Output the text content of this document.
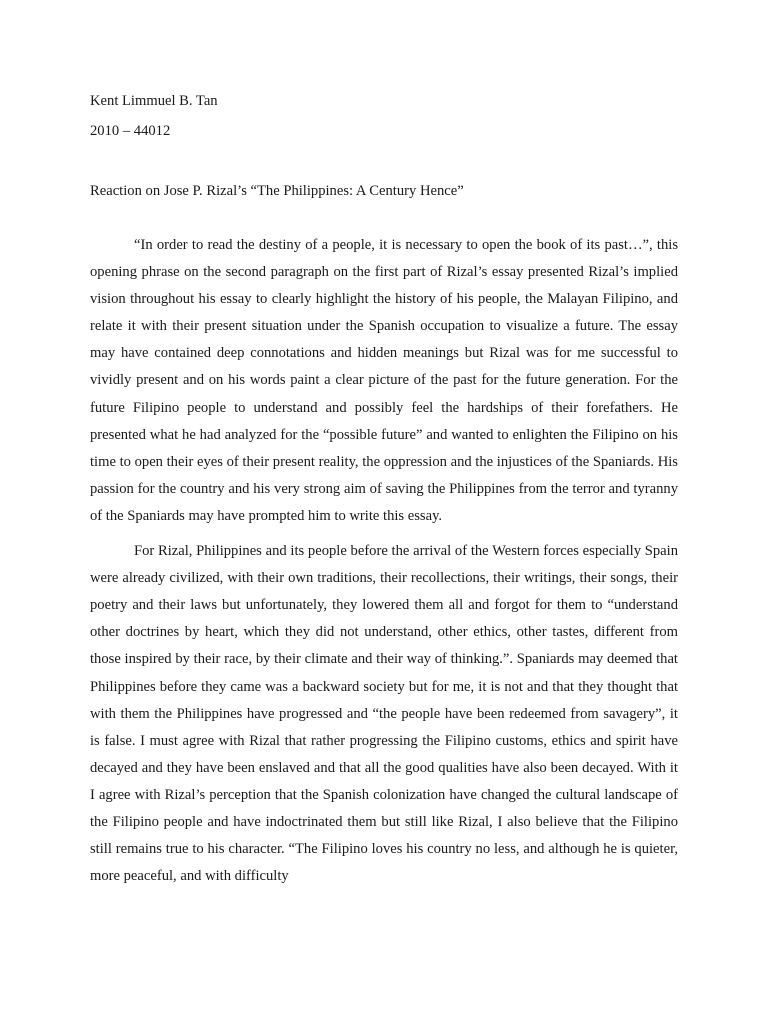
Kent Limmuel B. Tan
2010 – 44012
Reaction on Jose P. Rizal’s “The Philippines: A Century Hence”

“In order to read the destiny of a people, it is necessary to open the book of its past…”, this opening phrase on the second paragraph on the first part of Rizal’s essay presented Rizal’s implied vision throughout his essay to clearly highlight the history of his people, the Malayan Filipino, and relate it with their present situation under the Spanish occupation to visualize a future. The essay may have contained deep connotations and hidden meanings but Rizal was for me successful to vividly present and on his words paint a clear picture of the past for the future generation. For the future Filipino people to understand and possibly feel the hardships of their forefathers. He presented what he had analyzed for the “possible future” and wanted to enlighten the Filipino on his time to open their eyes of their present reality, the oppression and the injustices of the Spaniards. His passion for the country and his very strong aim of saving the Philippines from the terror and tyranny of the Spaniards may have prompted him to write this essay.

For Rizal, Philippines and its people before the arrival of the Western forces especially Spain were already civilized, with their own traditions, their recollections, their writings, their songs, their poetry and their laws but unfortunately, they lowered them all and forgot for them to “understand other doctrines by heart, which they did not understand, other ethics, other tastes, different from those inspired by their race, by their climate and their way of thinking.”. Spaniards may deemed that Philippines before they came was a backward society but for me, it is not and that they thought that with them the Philippines have progressed and “the people have been redeemed from savagery”, it is false. I must agree with Rizal that rather progressing the Filipino customs, ethics and spirit have decayed and they have been enslaved and that all the good qualities have also been decayed. With it I agree with Rizal’s perception that the Spanish colonization have changed the cultural landscape of the Filipino people and have indoctrinated them but still like Rizal, I also believe that the Filipino still remains true to his character. “The Filipino loves his country no less, and although he is quieter, more peaceful, and with difficulty
